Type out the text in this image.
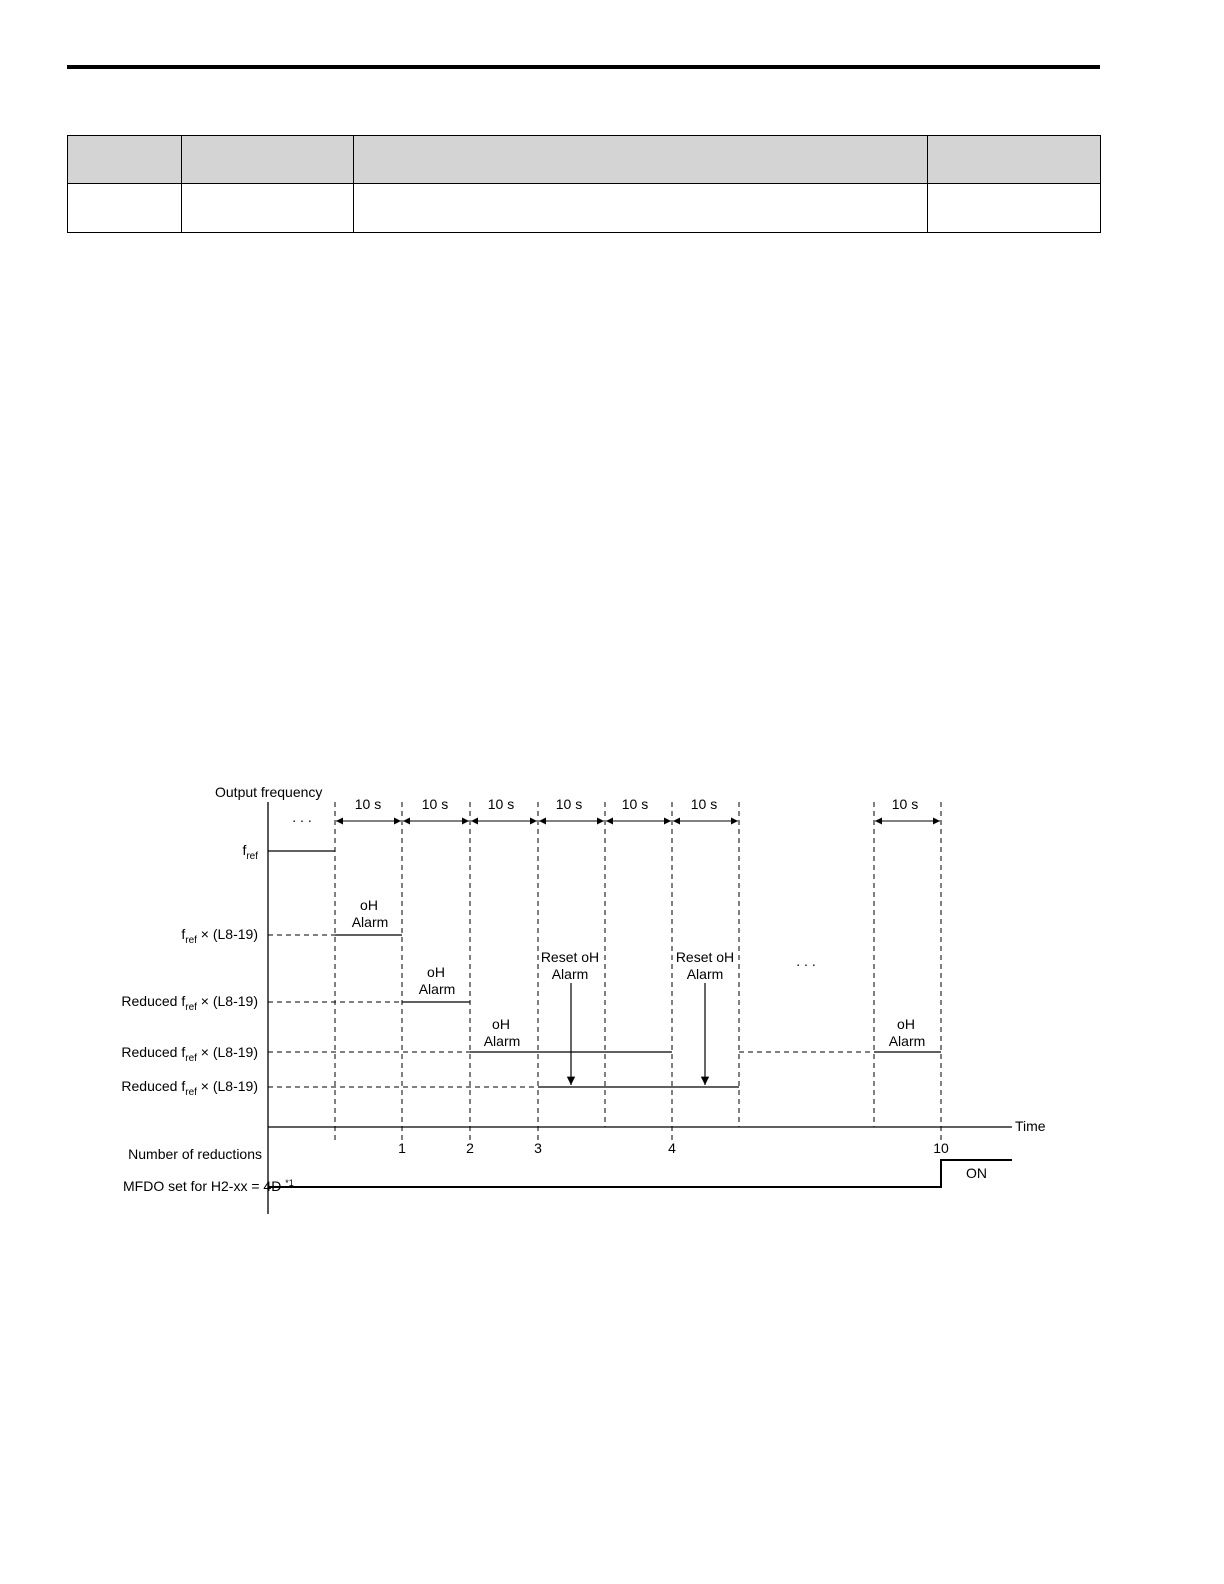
10 s	10 s	10 s	10 s	10 s	10 s	10 s
Output frequency
Time
. . .
. . .
$f_{ref}$
$f_{ref} \times (L8-19)$
Reduced $f_{ref} \times (L8-19)$
Reduced $f_{ref} \times (L8-19)$
Reduced $f_{ref} \times (L8-19)$
oH Alarm
oH Alarm
oH Alarm
Reset oH Alarm
Reset oH Alarm
oH Alarm
1	2	3	4	10
Number of reductions
MFDO set for H2-xx = 4D $^{*1}$
ON
